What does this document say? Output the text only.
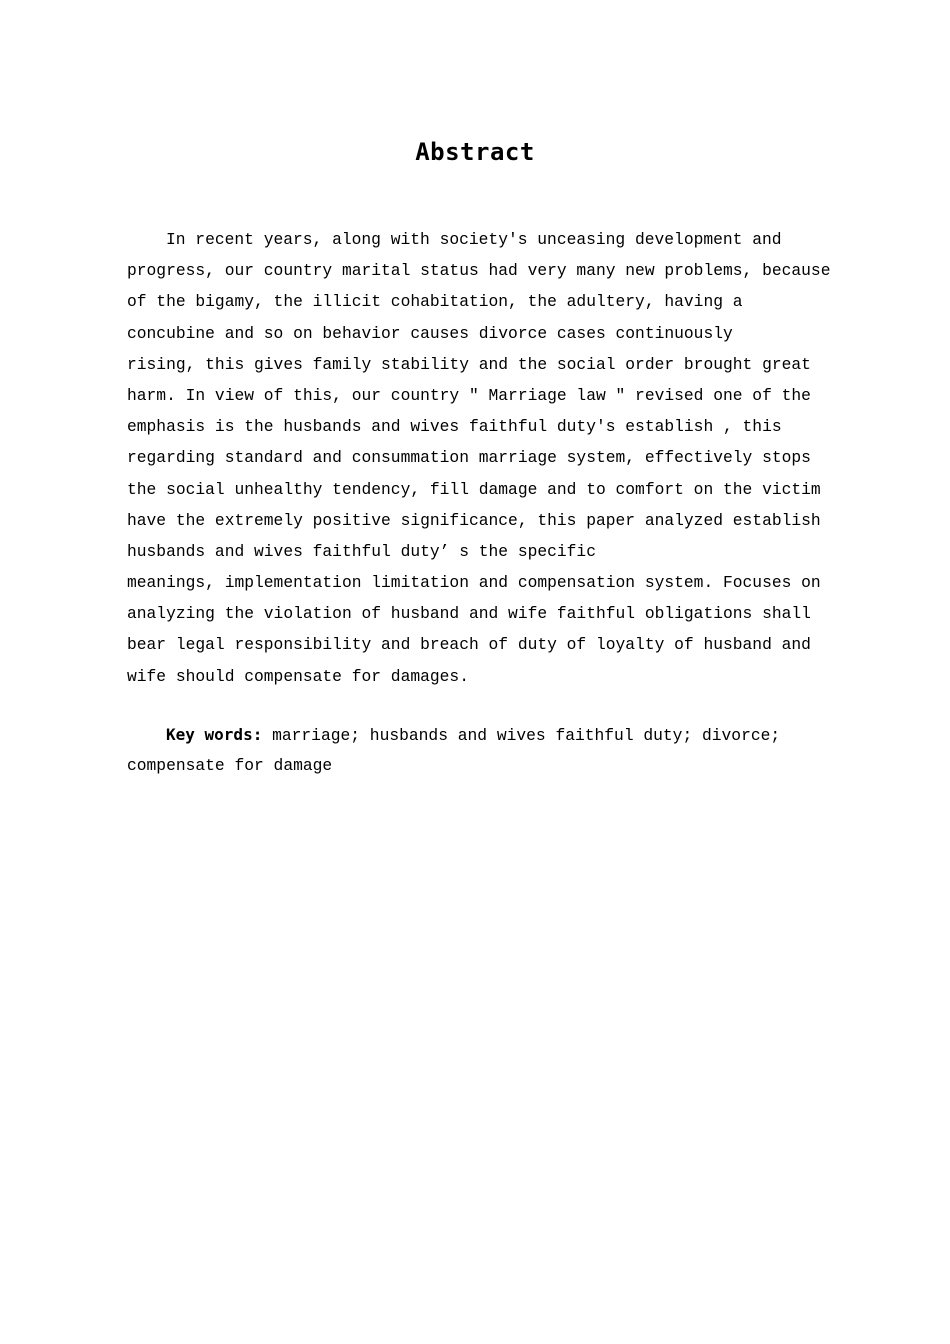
Abstract
In recent years, along with society's unceasing development and
progress, our country marital status had very many new problems, because
of the bigamy, the illicit cohabitation, the adultery, having a
concubine and so on behavior causes divorce cases continuously
rising, this gives family stability and the social order brought great
harm. In view of this, our country " Marriage law " revised one of the
emphasis is the husbands and wives faithful duty's establish , this
regarding standard and consummation marriage system, effectively stops
the social unhealthy tendency, fill damage and to comfort on the victim
have the extremely positive significance, this paper analyzed establish
husbands and wives faithful duty’ s the specific
meanings, implementation limitation and compensation system. Focuses on
analyzing the violation of husband and wife faithful obligations shall
bear legal responsibility and breach of duty of loyalty of husband and
wife should compensate for damages.
Key words: marriage; husbands and wives faithful duty; divorce;
compensate for damage
